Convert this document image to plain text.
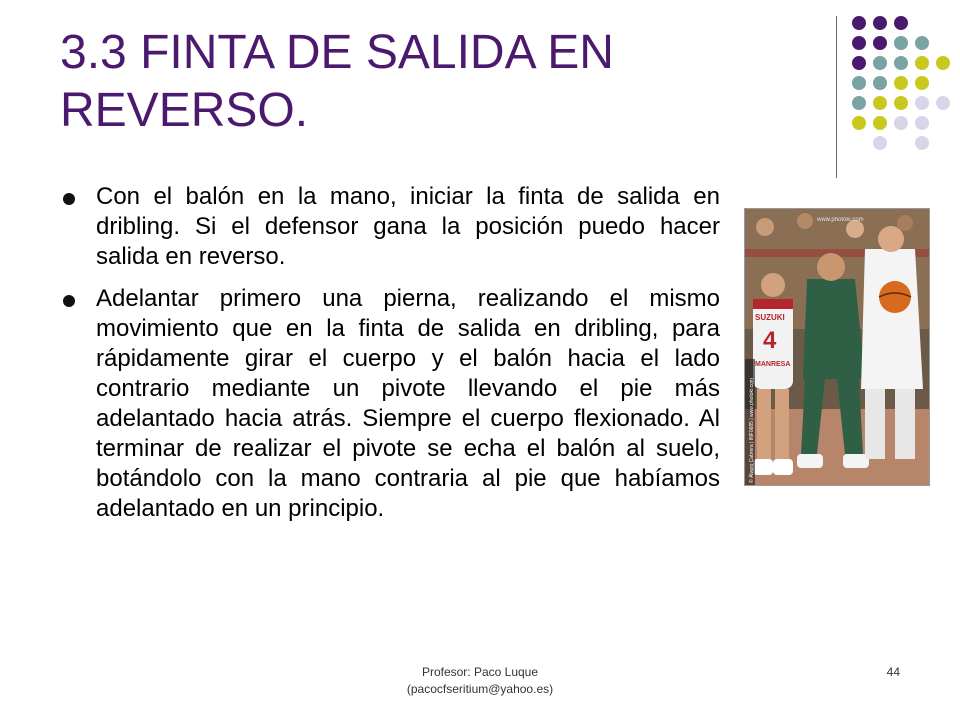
3.3 FINTA DE SALIDA EN REVERSO.
Con el balón en la mano, iniciar la finta de salida en dribling. Si el defensor gana la posición puedo hacer salida en reverso.
Adelantar primero una pierna, realizando el mismo movimiento que en la finta de salida en dribling, para rápidamente girar el cuerpo y el balón hacia el lado contrario mediante un pivote llevando el pie más adelantado hacia atrás. Siempre el cuerpo flexionado. Al terminar de realizar el pivote se echa el balón al suelo, botándolo con la mano contraria al pie que habíamos adelantado en un principio.
4
SUZUKI
MANRESA
www.photoki.com
© Álvaro Cabrera | INF0685 | www.photoki.com
Profesor: Paco Luque
(pacocfseritium@yahoo.es)
44
